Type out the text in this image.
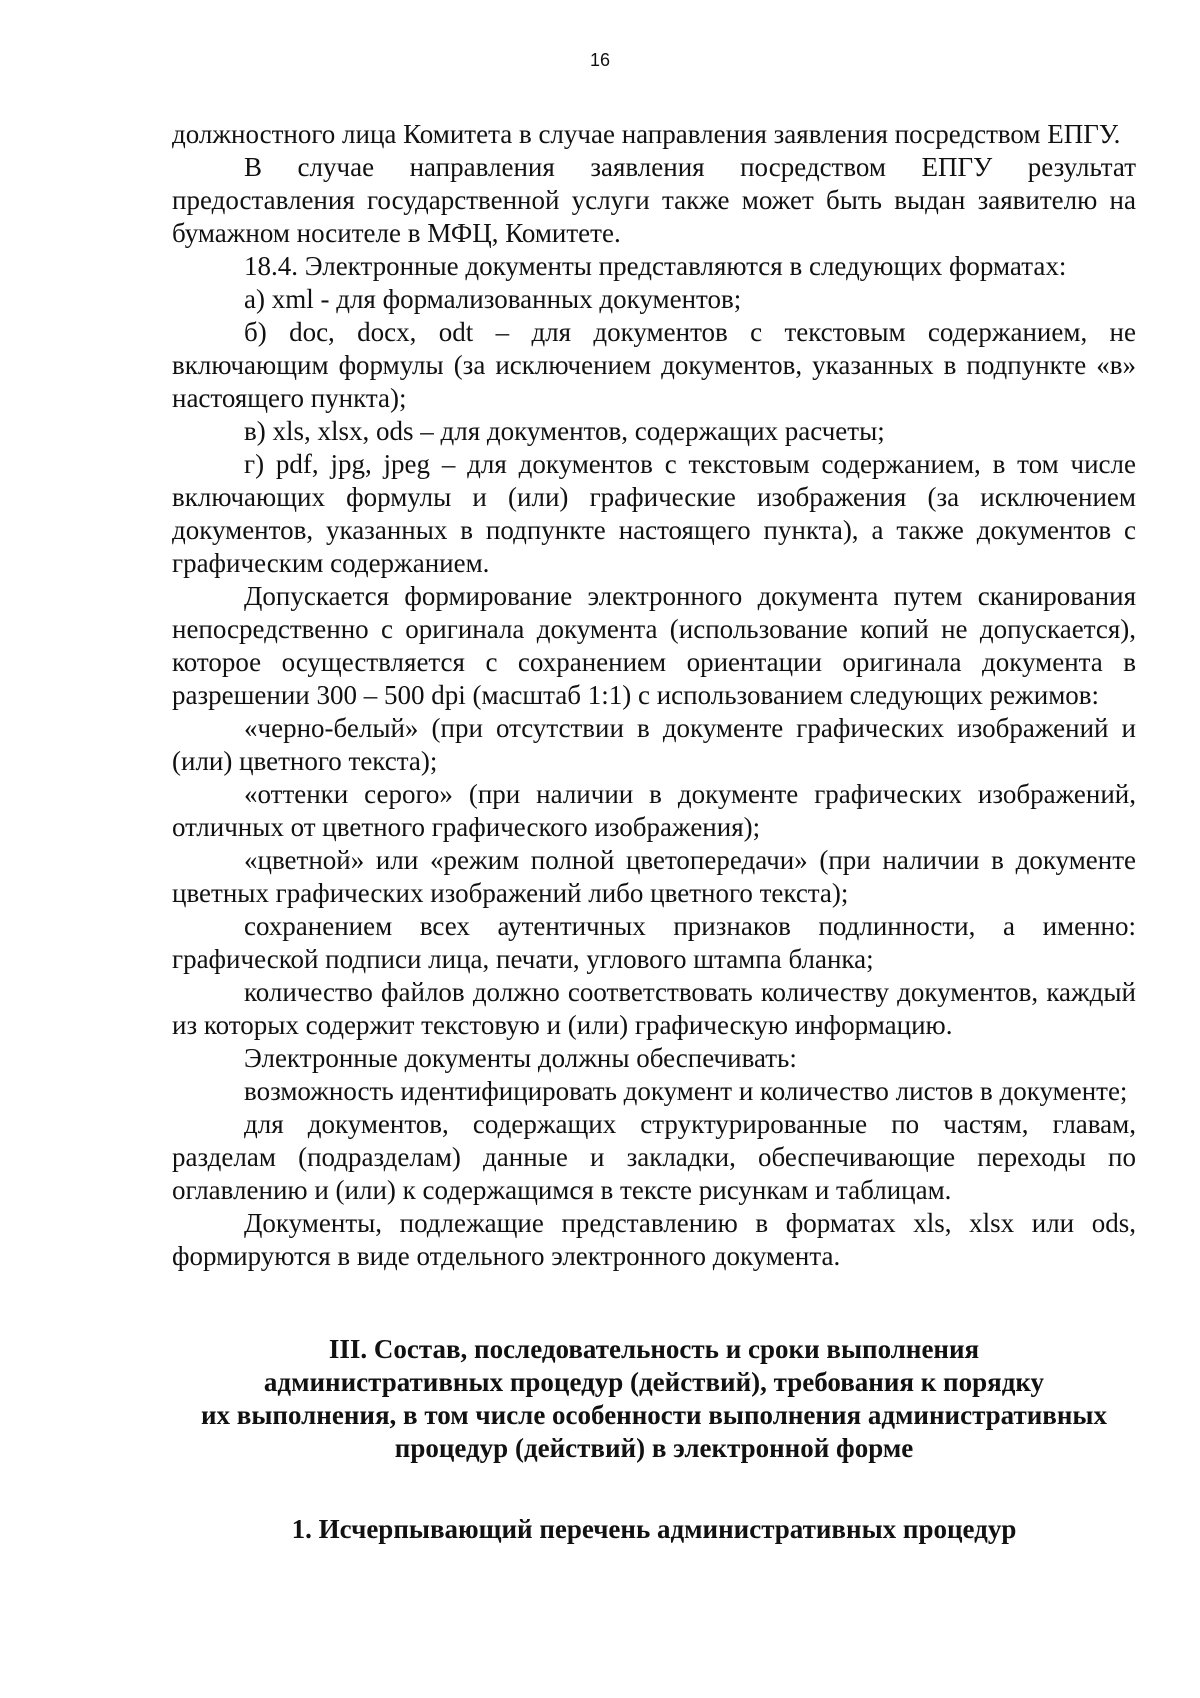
16

должностного лица Комитета в случае направления заявления посредством ЕПГУ.

В случае направления заявления посредством ЕПГУ результат предоставления государственной услуги также может быть выдан заявителю на бумажном носителе в МФЦ, Комитете.

18.4. Электронные документы представляются в следующих форматах:

а) xml - для формализованных документов;

б) doc, docx, odt – для документов с текстовым содержанием, не включающим формулы (за исключением документов, указанных в подпункте «в» настоящего пункта);

в) xls, xlsx, ods – для документов, содержащих расчеты;

г) pdf, jpg, jpeg – для документов с текстовым содержанием, в том числе включающих формулы и (или) графические изображения (за исключением документов, указанных в подпункте настоящего пункта), а также документов с графическим содержанием.

Допускается формирование электронного документа путем сканирования непосредственно с оригинала документа (использование копий не допускается), которое осуществляется с сохранением ориентации оригинала документа в разрешении 300 – 500 dpi (масштаб 1:1) с использованием следующих режимов:

«черно-белый» (при отсутствии в документе графических изображений и (или) цветного текста);

«оттенки серого» (при наличии в документе графических изображений, отличных от цветного графического изображения);

«цветной» или «режим полной цветопередачи» (при наличии в документе цветных графических изображений либо цветного текста);

сохранением всех аутентичных признаков подлинности, а именно: графической подписи лица, печати, углового штампа бланка;

количество файлов должно соответствовать количеству документов, каждый из которых содержит текстовую и (или) графическую информацию.

Электронные документы должны обеспечивать:

возможность идентифицировать документ и количество листов в документе;

для документов, содержащих структурированные по частям, главам, разделам (подразделам) данные и закладки, обеспечивающие переходы по оглавлению и (или) к содержащимся в тексте рисункам и таблицам.

Документы, подлежащие представлению в форматах xls, xlsx или ods, формируются в виде отдельного электронного документа.

III. Состав, последовательность и сроки выполнения
административных процедур (действий), требования к порядку
их выполнения, в том числе особенности выполнения административных
процедур (действий) в электронной форме
1. Исчерпывающий перечень административных процедур
